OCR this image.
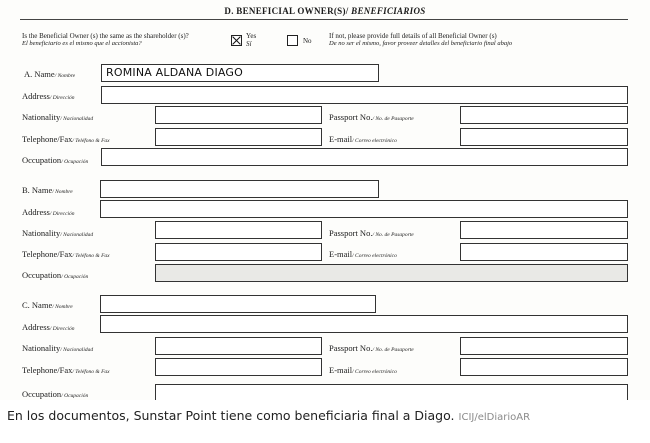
D. BENEFICIAL OWNER(S)/ BENEFICIARIOS
Is the Beneficial Owner (s) the same as the shareholder (s)?
El beneficiario es el mismo que el accionista?
Yes
Sí	No
If not, please provide full details of all Beneficial Owner (s)
De no ser el mismo, favor proveer detalles del beneficiario final abajo
A. Name/ Nombre	ROMINA ALDANA DIAGO
Address/ Dirección
Nationality/ Nacionalidad	Passport No./ No. de Pasaporte
Telephone/Fax/ Teléfono & Fax	E-mail/ Correo electrónico
Occupation/ Ocupación
B. Name/ Nombre
Address/ Dirección
Nationality/ Nacionalidad	Passport No./ No. de Pasaporte
Telephone/Fax/ Teléfono & Fax	E-mail/ Correo electrónico
Occupation/ Ocupación
C. Name/ Nombre
Address/ Dirección
Nationality/ Nacionalidad	Passport No./ No. de Pasaporte
Telephone/Fax/ Teléfono & Fax	E-mail/ Correo electrónico
Occupation/ Ocupación
En los documentos, Sunstar Point tiene como beneficiaria final a Diago. ICIJ/elDiarioAR
